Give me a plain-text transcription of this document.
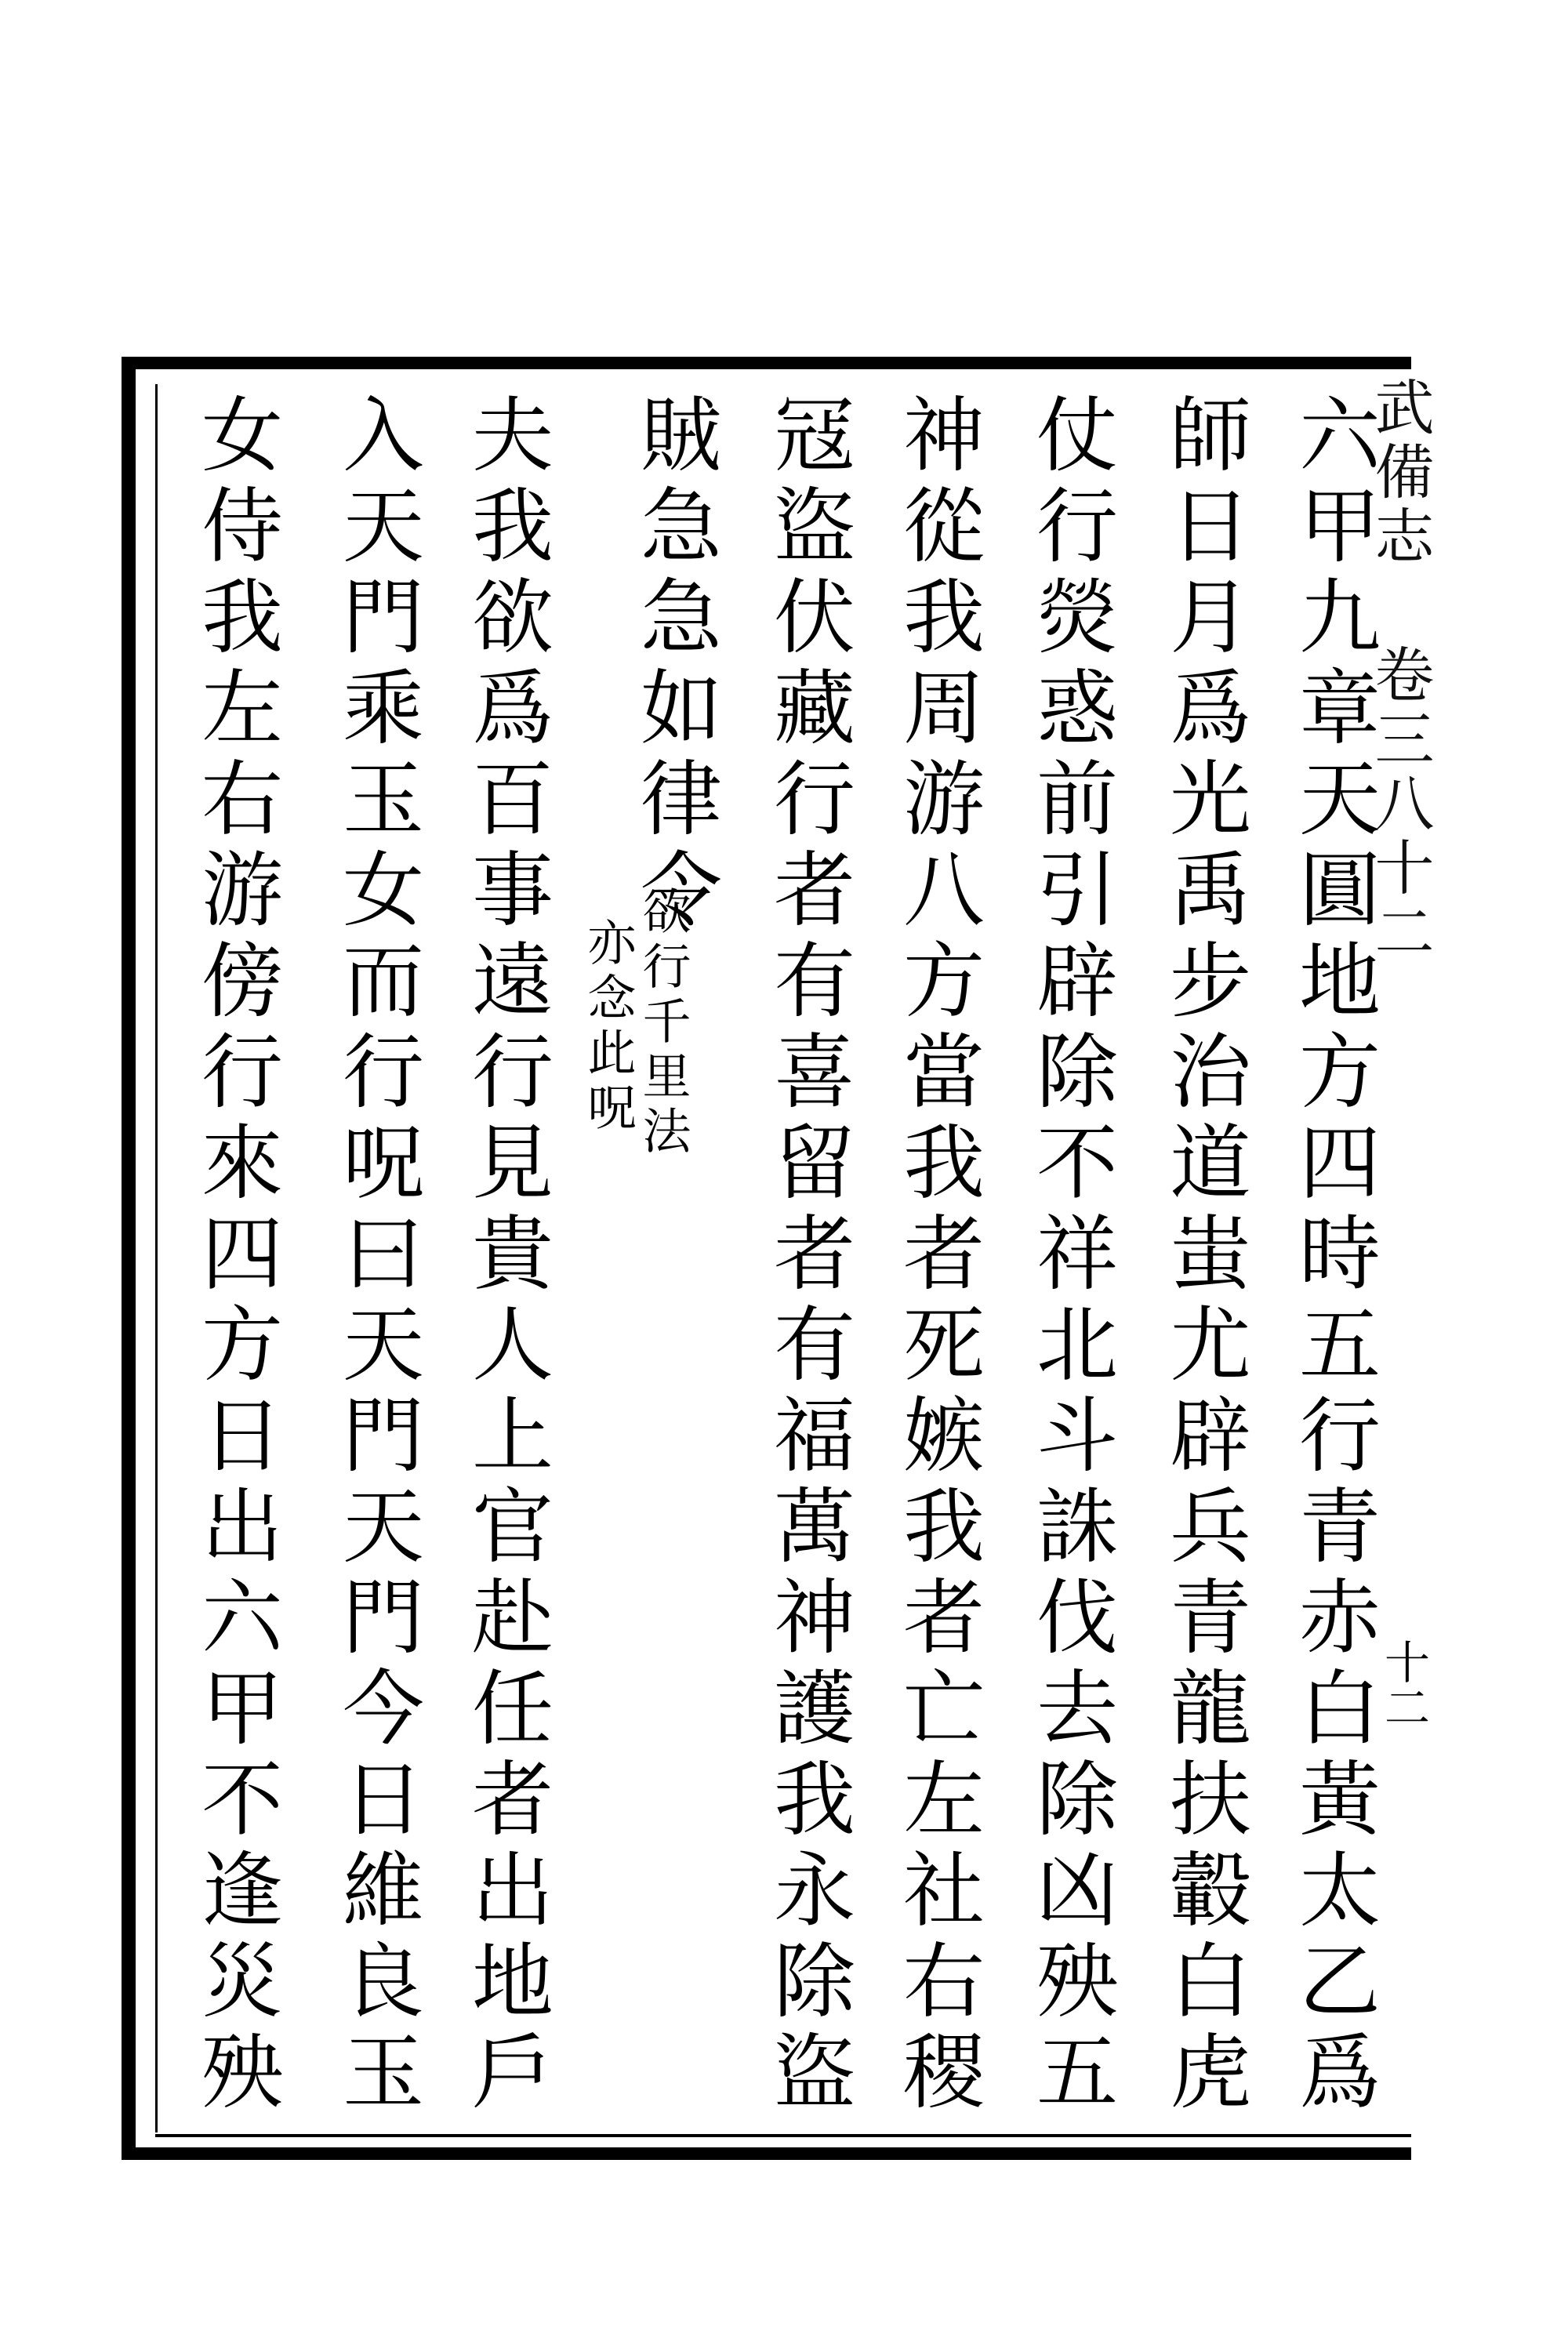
武備志 卷三八十二
十二
六甲九章天圓地方四時五行青赤白黃太乙爲
師日月爲光禹步治道蚩尤辟兵青龍扶轂白虎
仗行熒惑前引辟除不祥北斗誅伐去除凶殃五
神從我周游八方當我者死嫉我者亡左社右稷
冦盜伏藏行者有喜留者有福萬神護我永除盜
賊急急如律令
欲行千里法
亦念此呪
夫我欲爲百事遠行見貴人上官赴任者出地戶
入天門乘玉女而行呪曰天門天門今日維良玉
女侍我左右游傍行來四方日出六甲不逢災殃
